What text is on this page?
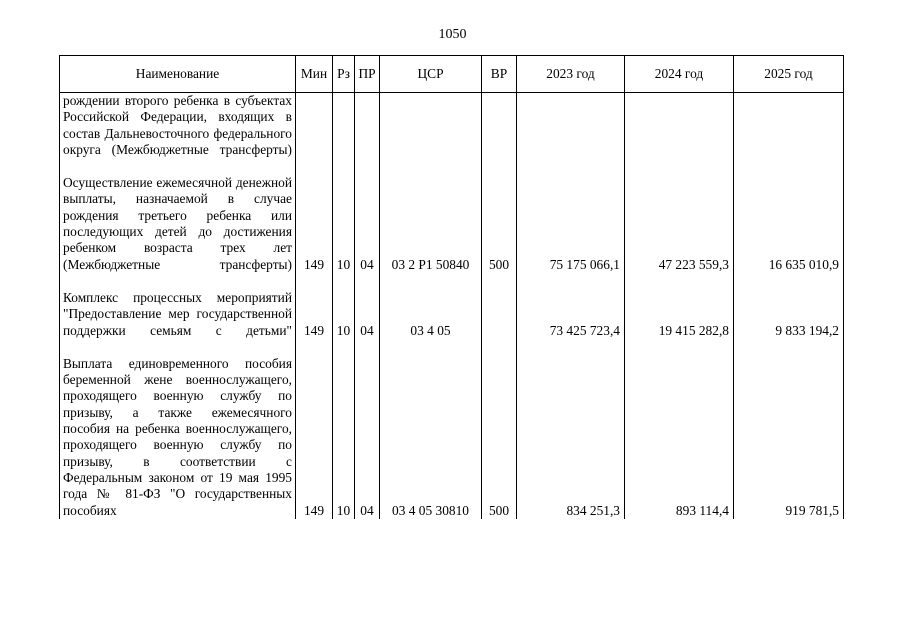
1050
Наименование	Мин	Рз	ПР	ЦСР	ВР	2023 год	2024 год	2025 год
рождении второго ребенка в субъектах Российской Федерации, входящих в состав Дальневосточного федерального округа (Межбюджетные трансферты)								

Осуществление ежемесячной денежной выплаты, назначаемой в случае рождения третьего ребенка или последующих детей до достижения ребенком возраста трех лет (Межбюджетные трансферты)	149	10	04	03 2 Р1 50840	500	75 175 066,1	47 223 559,3	16 635 010,9

Комплекс процессных мероприятий "Предоставление мер государственной поддержки семьям с детьми"	149	10	04	03 4 05		73 425 723,4	19 415 282,8	9 833 194,2

Выплата единовременного пособия беременной жене военнослужащего, проходящего военную службу по призыву, а также ежемесячного пособия на ребенка военнослужащего, проходящего военную службу по призыву, в соответствии с Федеральным законом от 19 мая 1995 года № 81-ФЗ "О государственных пособиях	149	10	04	03 4 05 30810	500	834 251,3	893 114,4	919 781,5
